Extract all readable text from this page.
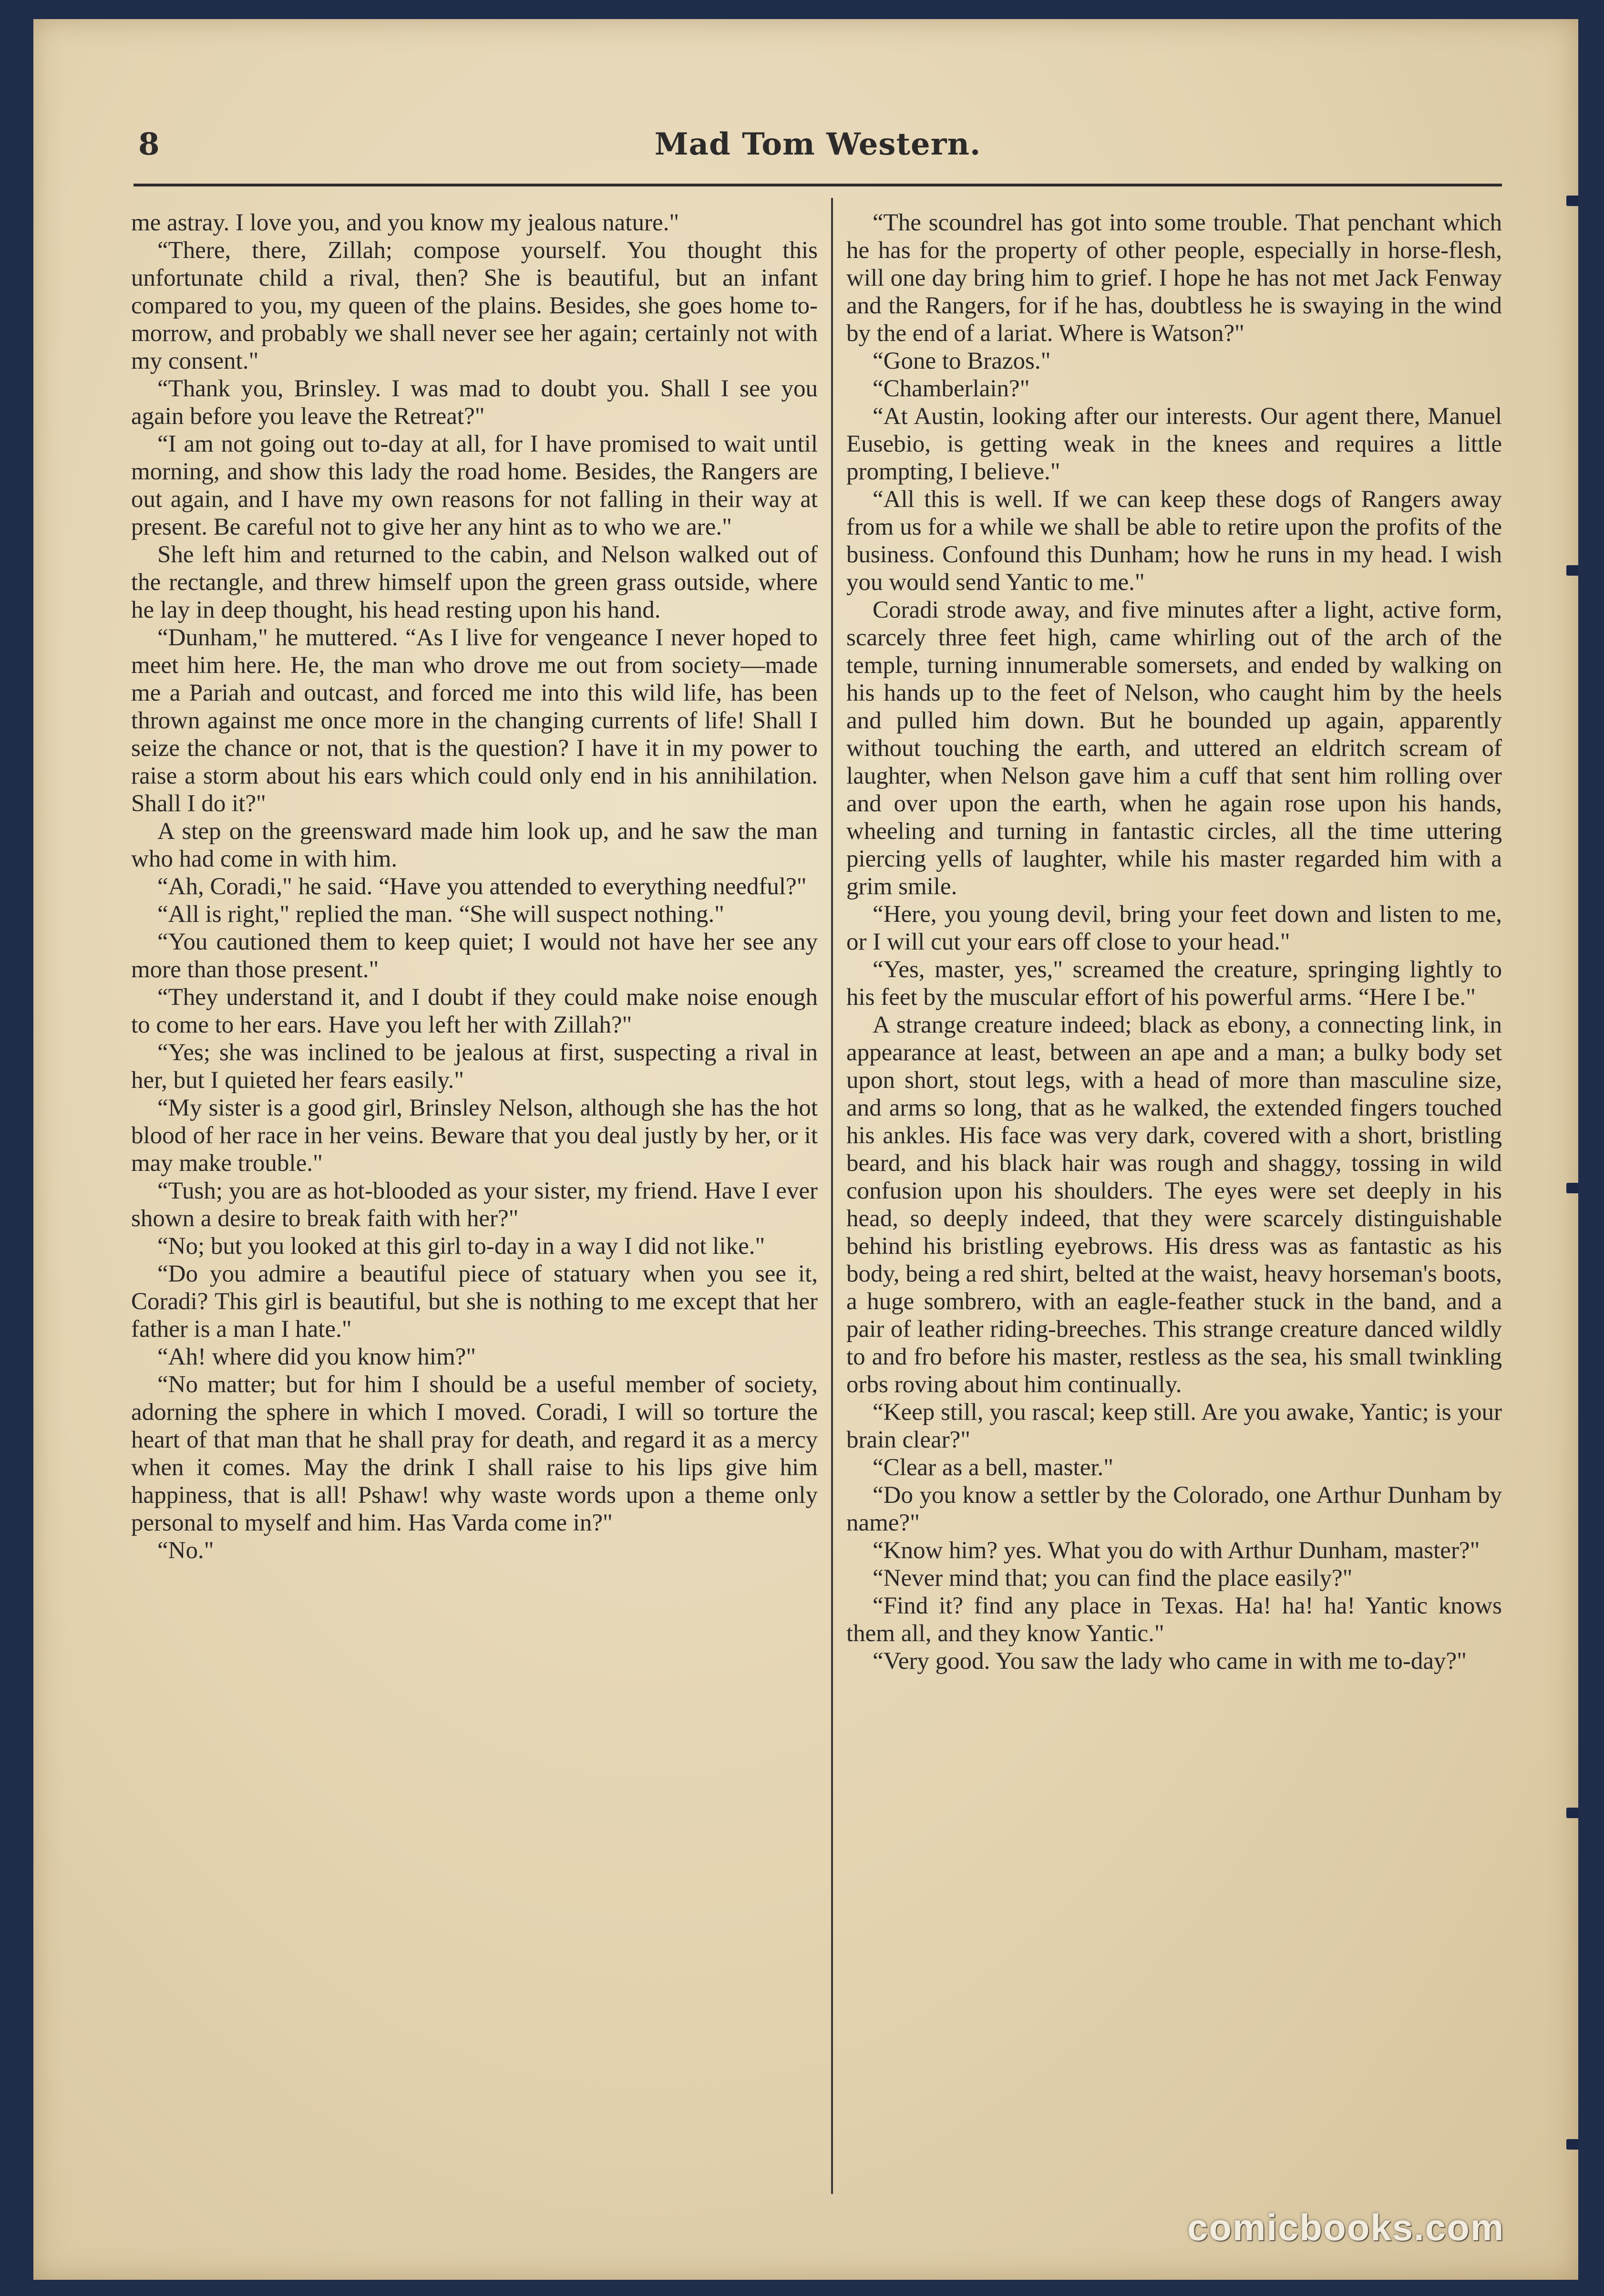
8	Mad Tom Western.

me astray. I love you, and you know my jealous nature."

“There, there, Zillah; compose yourself. You thought this unfortunate child a rival, then? She is beautiful, but an infant compared to you, my queen of the plains. Besides, she goes home to-morrow, and probably we shall never see her again; certainly not with my consent."

“Thank you, Brinsley. I was mad to doubt you. Shall I see you again before you leave the Retreat?"

“I am not going out to-day at all, for I have promised to wait until morning, and show this lady the road home. Besides, the Rangers are out again, and I have my own reasons for not falling in their way at present. Be careful not to give her any hint as to who we are."

She left him and returned to the cabin, and Nelson walked out of the rectangle, and threw himself upon the green grass outside, where he lay in deep thought, his head resting upon his hand.

“Dunham," he muttered. “As I live for vengeance I never hoped to meet him here. He, the man who drove me out from society—made me a Pariah and outcast, and forced me into this wild life, has been thrown against me once more in the changing currents of life! Shall I seize the chance or not, that is the question? I have it in my power to raise a storm about his ears which could only end in his annihilation. Shall I do it?"

A step on the greensward made him look up, and he saw the man who had come in with him.

“Ah, Coradi," he said. “Have you attended to everything needful?"

“All is right," replied the man. “She will suspect nothing."

“You cautioned them to keep quiet; I would not have her see any more than those present."

“They understand it, and I doubt if they could make noise enough to come to her ears. Have you left her with Zillah?"

“Yes; she was inclined to be jealous at first, suspecting a rival in her, but I quieted her fears easily."

“My sister is a good girl, Brinsley Nelson, although she has the hot blood of her race in her veins. Beware that you deal justly by her, or it may make trouble."

“Tush; you are as hot-blooded as your sister, my friend. Have I ever shown a desire to break faith with her?"

“No; but you looked at this girl to-day in a way I did not like."

“Do you admire a beautiful piece of statuary when you see it, Coradi? This girl is beautiful, but she is nothing to me except that her father is a man I hate."

“Ah! where did you know him?"

“No matter; but for him I should be a useful member of society, adorning the sphere in which I moved. Coradi, I will so torture the heart of that man that he shall pray for death, and regard it as a mercy when it comes. May the drink I shall raise to his lips give him happiness, that is all! Pshaw! why waste words upon a theme only personal to myself and him. Has Varda come in?"

“No."

“The scoundrel has got into some trouble. That penchant which he has for the property of other people, especially in horse-flesh, will one day bring him to grief. I hope he has not met Jack Fenway and the Rangers, for if he has, doubtless he is swaying in the wind by the end of a lariat. Where is Watson?"

“Gone to Brazos."

“Chamberlain?"

“At Austin, looking after our interests. Our agent there, Manuel Eusebio, is getting weak in the knees and requires a little prompting, I believe."

“All this is well. If we can keep these dogs of Rangers away from us for a while we shall be able to retire upon the profits of the business. Confound this Dunham; how he runs in my head. I wish you would send Yantic to me."

Coradi strode away, and five minutes after a light, active form, scarcely three feet high, came whirling out of the arch of the temple, turning innumerable somersets, and ended by walking on his hands up to the feet of Nelson, who caught him by the heels and pulled him down. But he bounded up again, apparently without touching the earth, and uttered an eldritch scream of laughter, when Nelson gave him a cuff that sent him rolling over and over upon the earth, when he again rose upon his hands, wheeling and turning in fantastic circles, all the time uttering piercing yells of laughter, while his master regarded him with a grim smile.

“Here, you young devil, bring your feet down and listen to me, or I will cut your ears off close to your head."

“Yes, master, yes," screamed the creature, springing lightly to his feet by the muscular effort of his powerful arms. “Here I be."

A strange creature indeed; black as ebony, a connecting link, in appearance at least, between an ape and a man; a bulky body set upon short, stout legs, with a head of more than masculine size, and arms so long, that as he walked, the extended fingers touched his ankles. His face was very dark, covered with a short, bristling beard, and his black hair was rough and shaggy, tossing in wild confusion upon his shoulders. The eyes were set deeply in his head, so deeply indeed, that they were scarcely distinguishable behind his bristling eyebrows. His dress was as fantastic as his body, being a red shirt, belted at the waist, heavy horseman's boots, a huge sombrero, with an eagle-feather stuck in the band, and a pair of leather riding-breeches. This strange creature danced wildly to and fro before his master, restless as the sea, his small twinkling orbs roving about him continually.

“Keep still, you rascal; keep still. Are you awake, Yantic; is your brain clear?"

“Clear as a bell, master."

“Do you know a settler by the Colorado, one Arthur Dunham by name?"

“Know him? yes. What you do with Arthur Dunham, master?"

“Never mind that; you can find the place easily?"

“Find it? find any place in Texas. Ha! ha! ha! Yantic knows them all, and they know Yantic."

“Very good. You saw the lady who came in with me to-day?"

comicbooks.com
